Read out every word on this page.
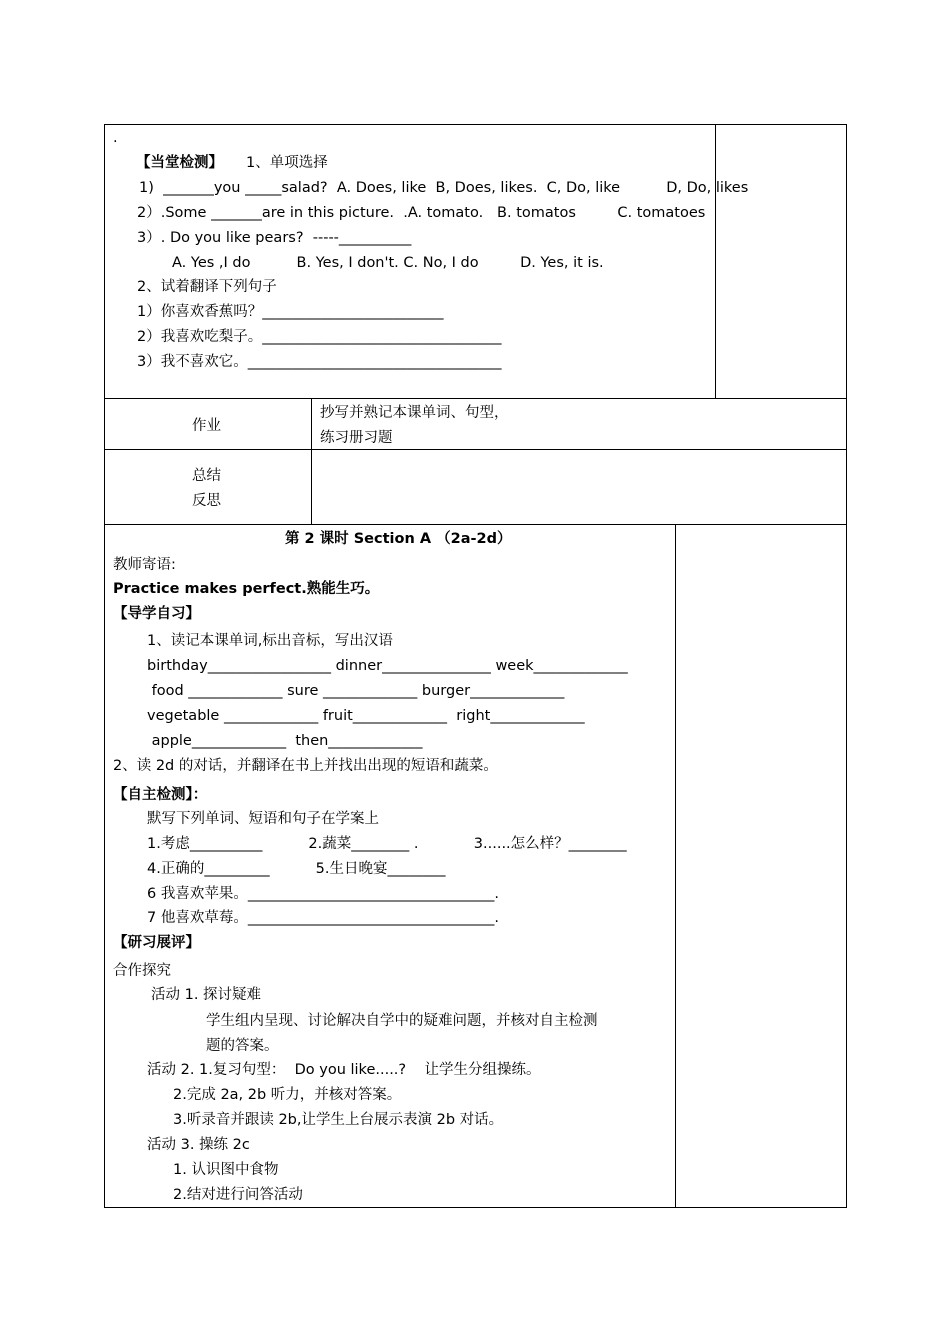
.
【当堂检测】 1、单项选择
1)  _______you _____salad?  A. Does, like  B, Does, likes.  C, Do, like          D, Do, likes
2）.Some _______are in this picture.  .A. tomato.   B. tomatos         C. tomatoes
3）. Do you like pears?  -----__________
A. Yes ,I do          B. Yes, I don't. C. No, I do         D. Yes, it is.
2、试着翻译下列句子
1）你喜欢香蕉吗？_________________________
2）我喜欢吃梨子。_________________________________
3）我不喜欢它。___________________________________
作业
抄写并熟记本课单词、句型，
练习册习题
总结
反思
第 2 课时 Section A （2a-2d）
教师寄语:
Practice makes perfect.熟能生巧。
【导学自习】
1、读记本课单词,标出音标，写出汉语
birthday_________________ dinner_______________ week_____________
food _____________ sure _____________ burger_____________
vegetable _____________ fruit_____________  right_____________
apple_____________  then_____________
2、读 2d 的对话，并翻译在书上并找出出现的短语和蔬菜。
【自主检测】：
默写下列单词、短语和句子在学案上
1.考虑__________          2.蔬菜________ .            3......怎么样？________
4.正确的_________          5.生日晚宴________
6 我喜欢苹果。__________________________________.
7 他喜欢草莓。__________________________________.
【研习展评】
合作探究
活动 1. 探讨疑难
学生组内呈现、讨论解决自学中的疑难问题，并核对自主检测
题的答案。
活动 2. 1.复习句型：  Do you like.....?    让学生分组操练。
2.完成 2a, 2b 听力，并核对答案。
3.听录音并跟读 2b,让学生上台展示表演 2b 对话。
活动 3. 操练 2c
1. 认识图中食物
2.结对进行问答活动
